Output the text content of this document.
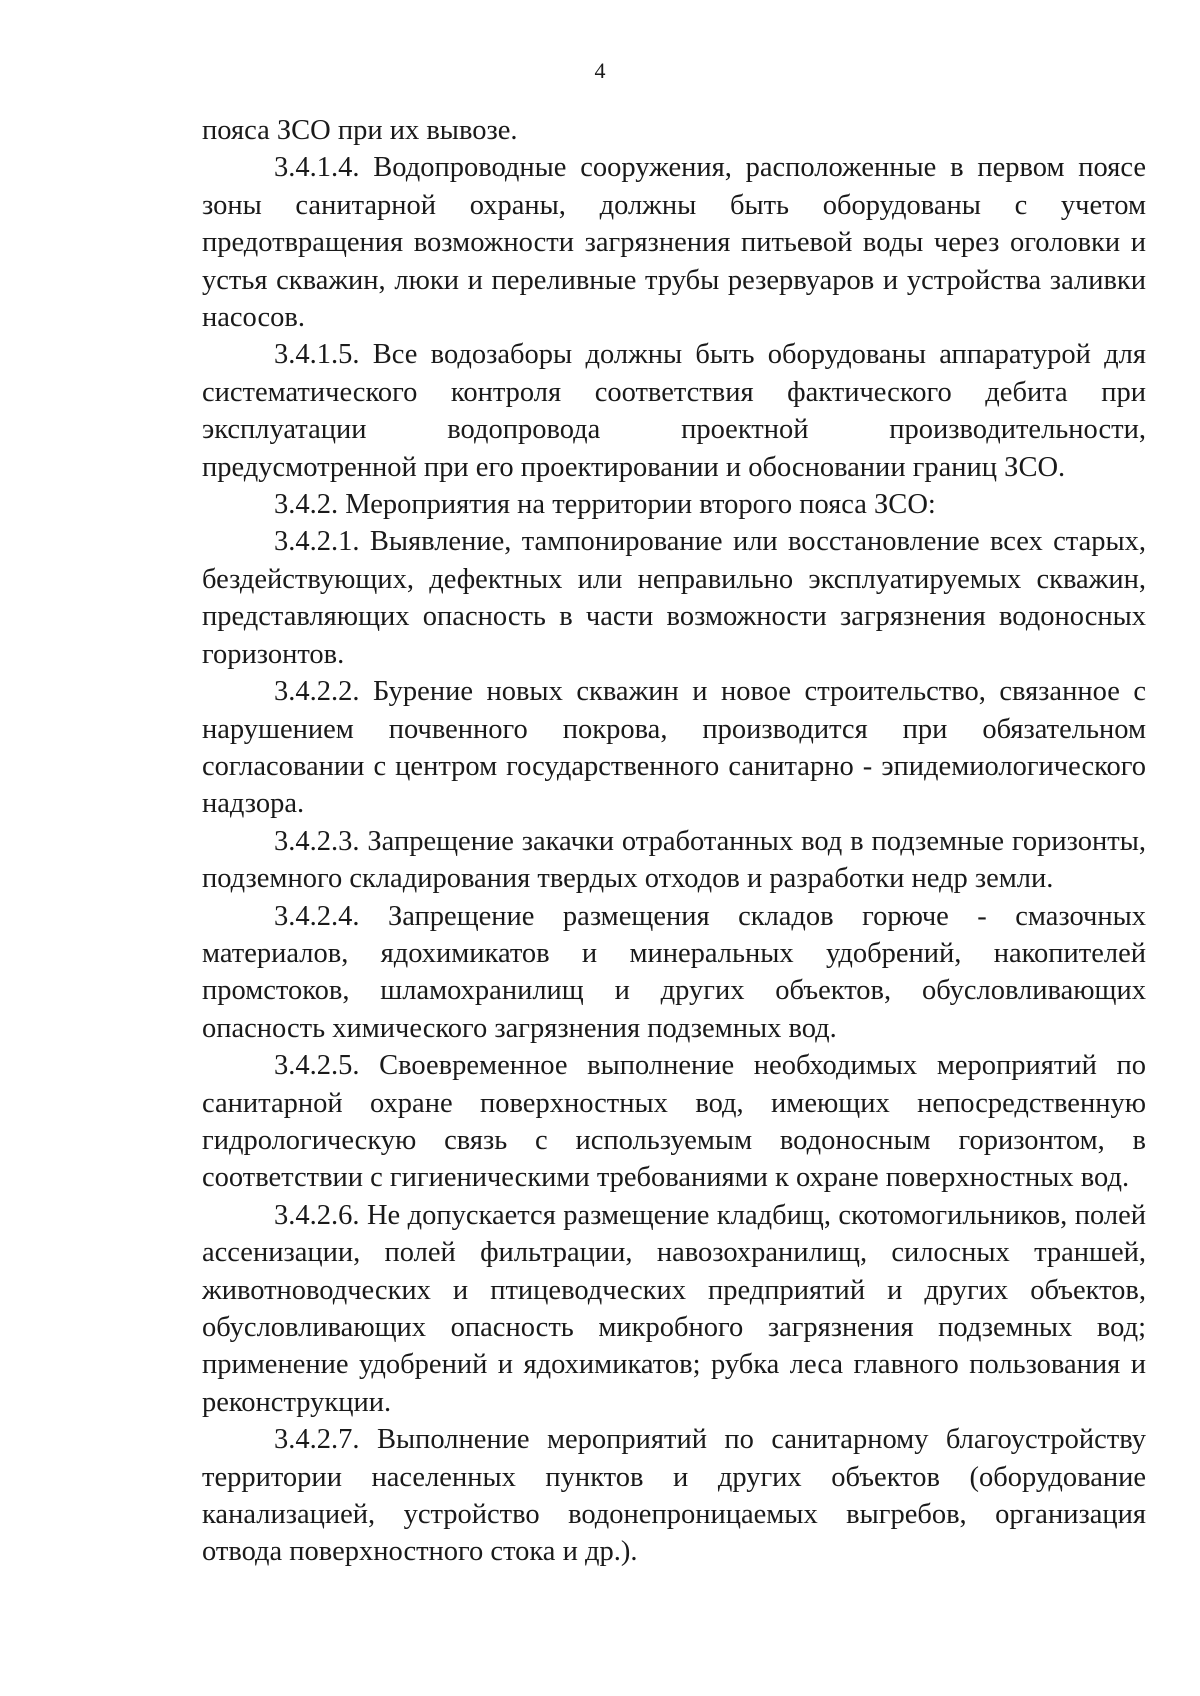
4

пояса ЗСО при их вывозе.

3.4.1.4. Водопроводные сооружения, расположенные в первом поясе зоны санитарной охраны, должны быть оборудованы с учетом предотвращения возможности загрязнения питьевой воды через оголовки и устья скважин, люки и переливные трубы резервуаров и устройства заливки насосов.

3.4.1.5. Все водозаборы должны быть оборудованы аппаратурой для систематического контроля соответствия фактического дебита при эксплуатации водопровода проектной производительности, предусмотренной при его проектировании и обосновании границ ЗСО.

3.4.2. Мероприятия на территории второго пояса ЗСО:

3.4.2.1. Выявление, тампонирование или восстановление всех старых, бездействующих, дефектных или неправильно эксплуатируемых скважин, представляющих опасность в части возможности загрязнения водоносных горизонтов.

3.4.2.2. Бурение новых скважин и новое строительство, связанное с нарушением почвенного покрова, производится при обязательном согласовании с центром государственного санитарно - эпидемиологического надзора.

3.4.2.3. Запрещение закачки отработанных вод в подземные горизонты, подземного складирования твердых отходов и разработки недр земли.

3.4.2.4. Запрещение размещения складов горюче - смазочных материалов, ядохимикатов и минеральных удобрений, накопителей промстоков, шламохранилищ и других объектов, обусловливающих опасность химического загрязнения подземных вод.

3.4.2.5. Своевременное выполнение необходимых мероприятий по санитарной охране поверхностных вод, имеющих непосредственную гидрологическую связь с используемым водоносным горизонтом, в соответствии с гигиеническими требованиями к охране поверхностных вод.

3.4.2.6. Не допускается размещение кладбищ, скотомогильников, полей ассенизации, полей фильтрации, навозохранилищ, силосных траншей, животноводческих и птицеводческих предприятий и других объектов, обусловливающих опасность микробного загрязнения подземных вод; применение удобрений и ядохимикатов; рубка леса главного пользования и реконструкции.

3.4.2.7. Выполнение мероприятий по санитарному благоустройству территории населенных пунктов и других объектов (оборудование канализацией, устройство водонепроницаемых выгребов, организация отвода поверхностного стока и др.).
